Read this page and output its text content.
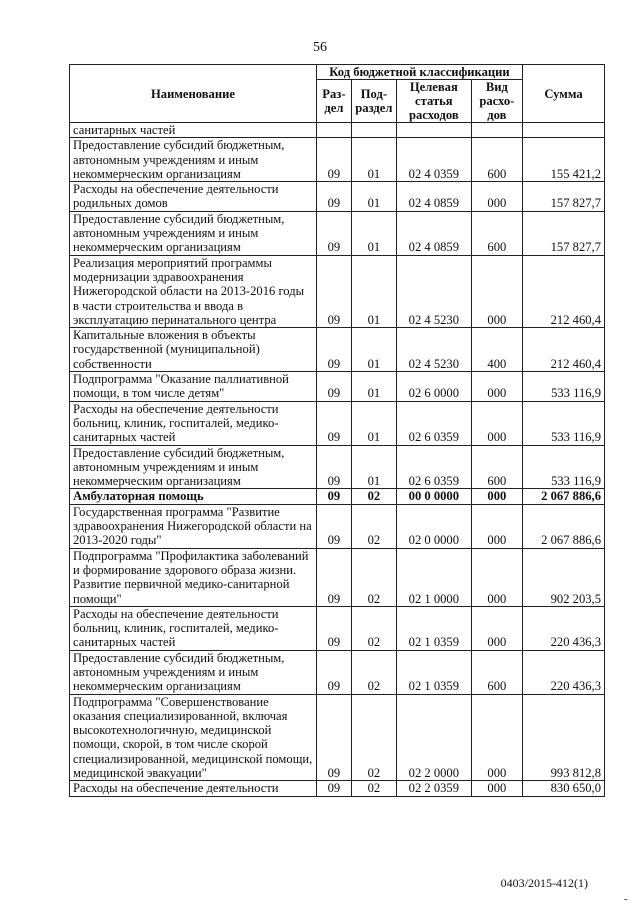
56
Наименование	Код бюджетной классификации				Сумма
	Раз-дел	Под-раздел	Целевая статья расходов	Вид расхо-дов	
санитарных частей					
Предоставление субсидий бюджетным, автономным учреждениям и иным некоммерческим организациям	09	01	02 4 0359	600	155 421,2
Расходы на обеспечение деятельности родильных домов	09	01	02 4 0859	000	157 827,7
Предоставление субсидий бюджетным, автономным учреждениям и иным некоммерческим организациям	09	01	02 4 0859	600	157 827,7
Реализация мероприятий программы модернизации здравоохранения Нижегородской области на 2013-2016 годы в части строительства и ввода в эксплуатацию перинатального центра	09	01	02 4 5230	000	212 460,4
Капитальные вложения в объекты государственной (муниципальной) собственности	09	01	02 4 5230	400	212 460,4
Подпрограмма "Оказание паллиативной помощи, в том числе детям"	09	01	02 6 0000	000	533 116,9
Расходы на обеспечение деятельности больниц, клиник, госпиталей, медико-санитарных частей	09	01	02 6 0359	000	533 116,9
Предоставление субсидий бюджетным, автономным учреждениям и иным некоммерческим организациям	09	01	02 6 0359	600	533 116,9
Амбулаторная помощь	09	02	00 0 0000	000	2 067 886,6
Государственная программа "Развитие здравоохранения Нижегородской области на 2013-2020 годы"	09	02	02 0 0000	000	2 067 886,6
Подпрограмма "Профилактика заболеваний и формирование здорового образа жизни. Развитие первичной медико-санитарной помощи"	09	02	02 1 0000	000	902 203,5
Расходы на обеспечение деятельности больниц, клиник, госпиталей, медико-санитарных частей	09	02	02 1 0359	000	220 436,3
Предоставление субсидий бюджетным, автономным учреждениям и иным некоммерческим организациям	09	02	02 1 0359	600	220 436,3
Подпрограмма "Совершенствование оказания специализированной, включая высокотехнологичную, медицинской помощи, скорой, в том числе скорой специализированной, медицинской помощи, медицинской эвакуации"	09	02	02 2 0000	000	993 812,8
Расходы на обеспечение деятельности	09	02	02 2 0359	000	830 650,0
0403/2015-412(1)
-
